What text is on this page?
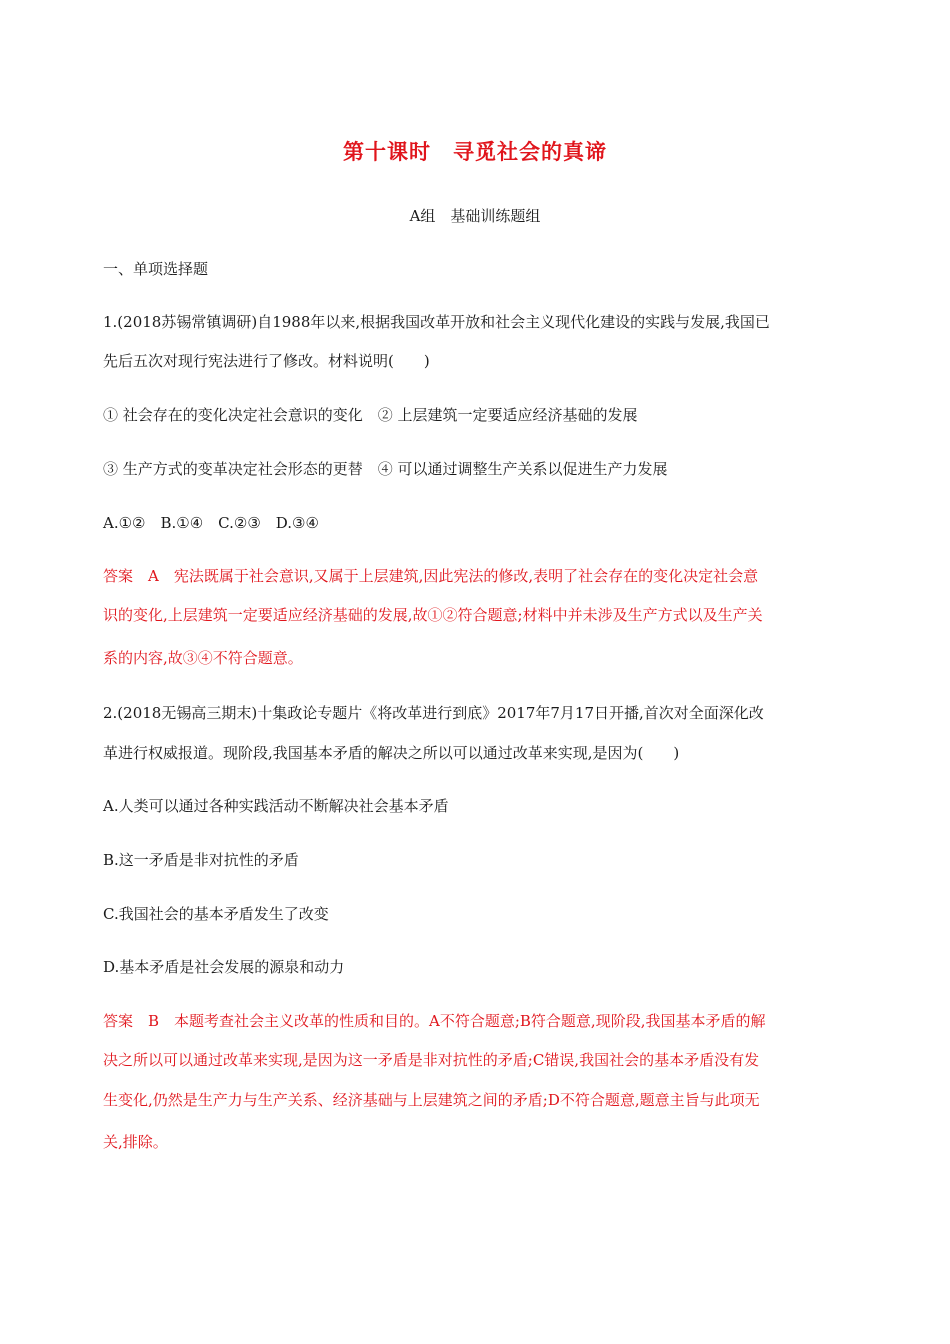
第十课时　寻觅社会的真谛
A组　基础训练题组
一、单项选择题
1.(2018苏锡常镇调研)自1988年以来,根据我国改革开放和社会主义现代化建设的实践与发展,我国已
先后五次对现行宪法进行了修改。材料说明(　　)
① 社会存在的变化决定社会意识的变化　② 上层建筑一定要适应经济基础的发展
③ 生产方式的变革决定社会形态的更替　④ 可以通过调整生产关系以促进生产力发展
A.①②　B.①④　C.②③　D.③④
答案　A　宪法既属于社会意识,又属于上层建筑,因此宪法的修改,表明了社会存在的变化决定社会意
识的变化,上层建筑一定要适应经济基础的发展,故①②符合题意;材料中并未涉及生产方式以及生产关
系的内容,故③④不符合题意。
2.(2018无锡高三期末)十集政论专题片《将改革进行到底》2017年7月17日开播,首次对全面深化改
革进行权威报道。现阶段,我国基本矛盾的解决之所以可以通过改革来实现,是因为(　　)
A.人类可以通过各种实践活动不断解决社会基本矛盾
B.这一矛盾是非对抗性的矛盾
C.我国社会的基本矛盾发生了改变
D.基本矛盾是社会发展的源泉和动力
答案　B　本题考查社会主义改革的性质和目的。A不符合题意;B符合题意,现阶段,我国基本矛盾的解
决之所以可以通过改革来实现,是因为这一矛盾是非对抗性的矛盾;C错误,我国社会的基本矛盾没有发
生变化,仍然是生产力与生产关系、经济基础与上层建筑之间的矛盾;D不符合题意,题意主旨与此项无
关,排除。
